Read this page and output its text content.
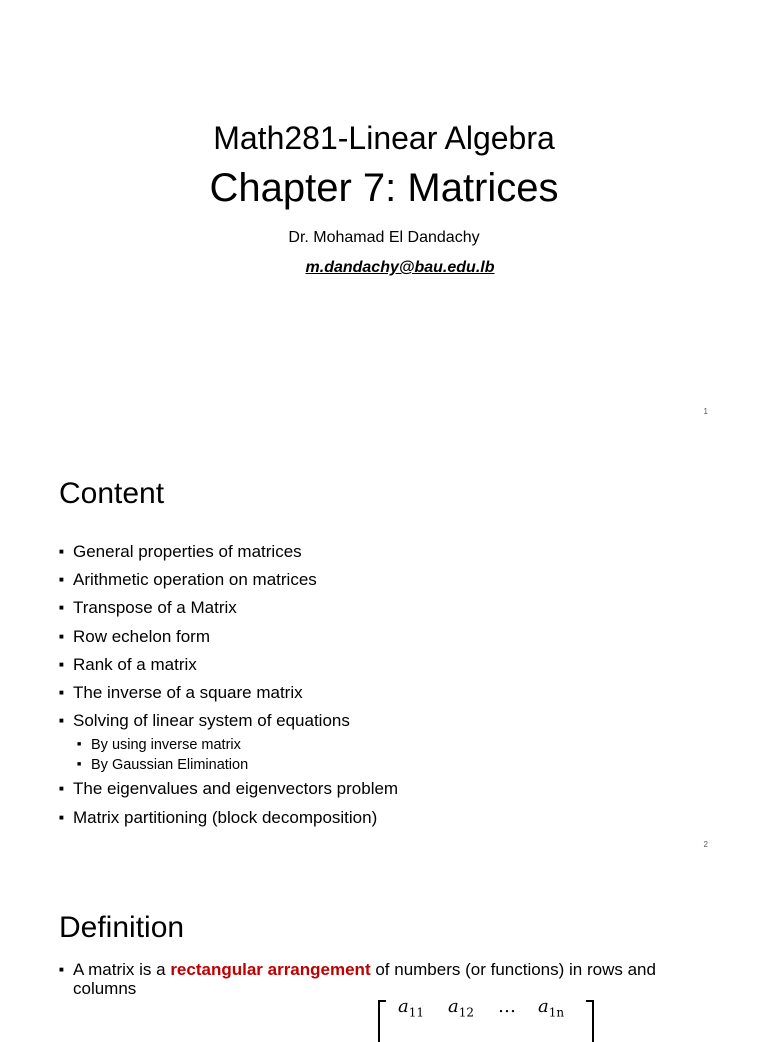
Math281-Linear Algebra
Chapter 7: Matrices
Dr. Mohamad El Dandachy
m.dandachy@bau.edu.lb
1
Content
■ General properties of matrices
■ Arithmetic operation on matrices
■ Transpose of a Matrix
■ Row echelon form
■ Rank of a matrix
■ The inverse of a square matrix
■ Solving of linear system of equations
■ By using inverse matrix
■ By Gaussian Elimination
■ The eigenvalues and eigenvectors problem
■ Matrix partitioning (block decomposition)
2
Definition
■ A matrix is a rectangular arrangement of numbers (or functions) in rows and columns
$a_{11}$ $a_{12}$ … $a_{1n}$
